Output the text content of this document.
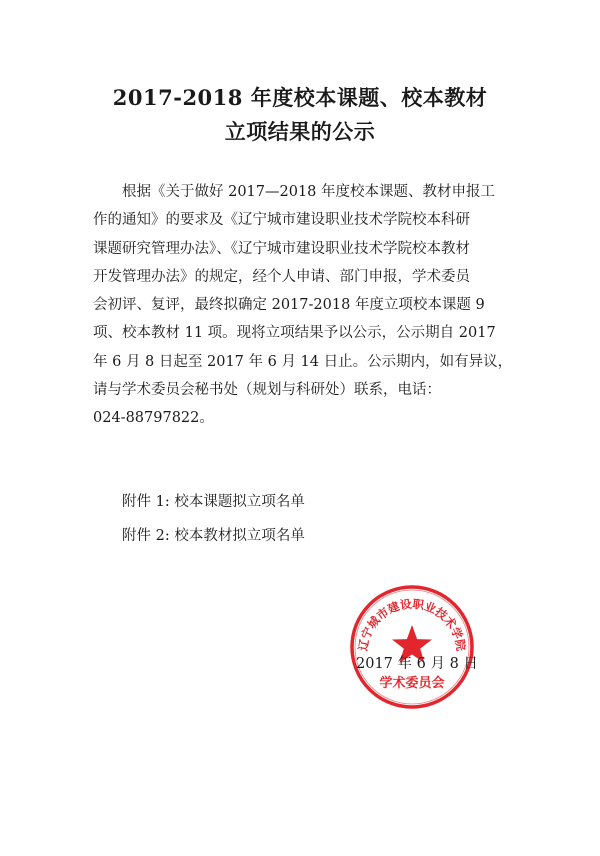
2017-2018 年度校本课题、校本教材
立项结果的公示
根据《关于做好 2017—2018 年度校本课题、教材申报工
作的通知》的要求及《辽宁城市建设职业技术学院校本科研
课题研究管理办法》、《辽宁城市建设职业技术学院校本教材
开发管理办法》的规定，经个人申请、部门申报，学术委员
会初评、复评，最终拟确定 2017-2018 年度立项校本课题 9
项、校本教材 11 项。现将立项结果予以公示，公示期自 2017
年 6 月 8 日起至 2017 年 6 月 14 日止。公示期内，如有异议，
请与学术委员会秘书处（规划与科研处）联系，电话：
024-88797822。
附件 1: 校本课题拟立项名单
附件 2: 校本教材拟立项名单
辽宁城市建设职业技术学院
学术委员会
2017 年 6 月 8 日
